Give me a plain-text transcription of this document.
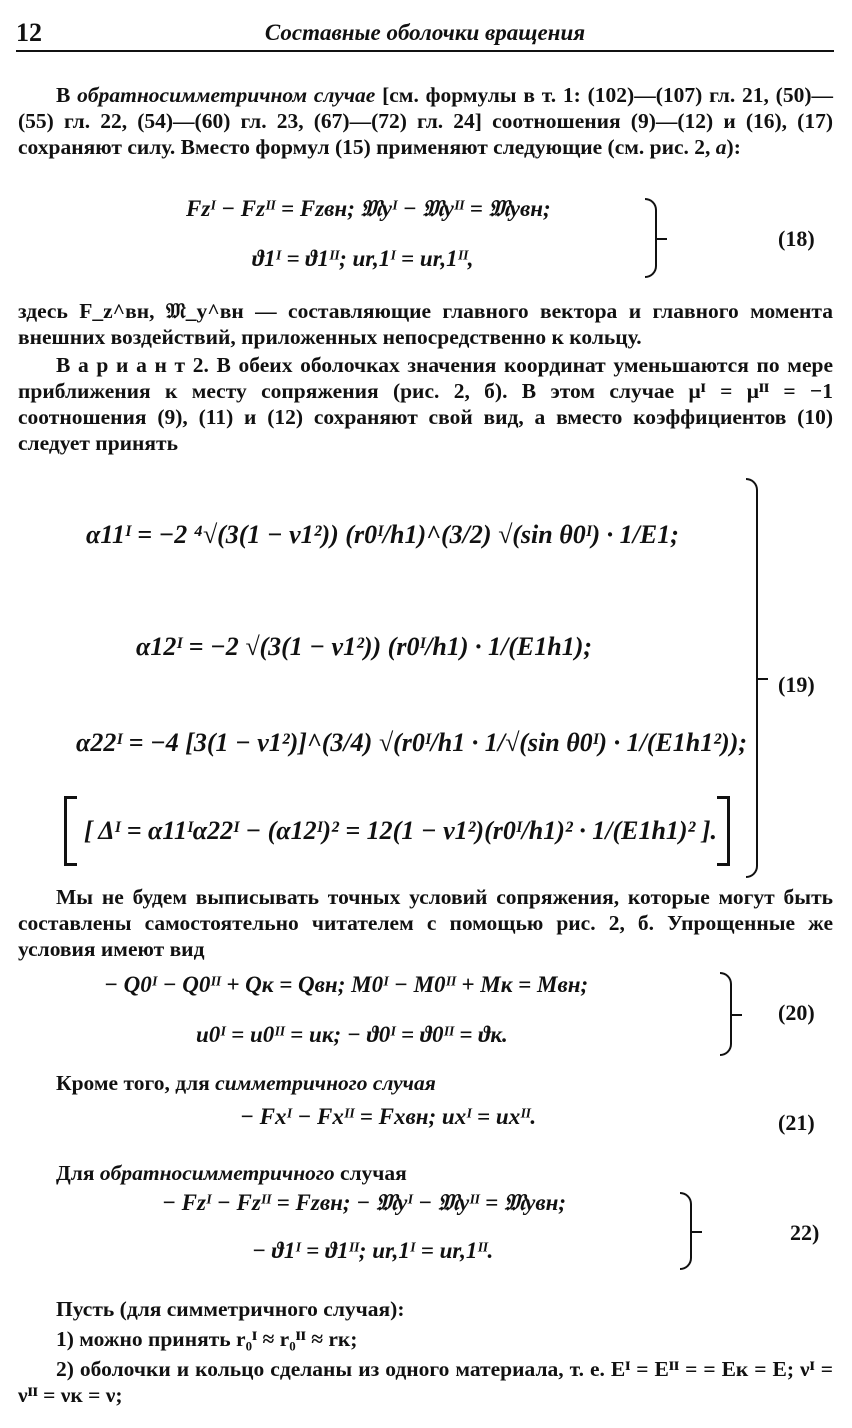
12	Составные оболочки вращения
В обратносимметричном случае [см. формулы в т. 1: (102)—(107) гл. 21, (50)—(55) гл. 22, (54)—(60) гл. 23, (67)—(72) гл. 24] соотношения (9)—(12) и (16), (17) сохраняют силу. Вместо формул (15) применяют следующие (см. рис. 2, а):
Fzᴵ − Fzᴵᴵ = Fzвн; 𝔐yᴵ − 𝔐yᴵᴵ = 𝔐yвн;
ϑ1ᴵ = ϑ1ᴵᴵ; ur,1ᴵ = ur,1ᴵᴵ,
(18)
здесь F_z^вн, 𝔐_y^вн — составляющие главного вектора и главного момента внешних воздействий, приложенных непосредственно к кольцу.
В а р и а н т 2. В обеих оболочках значения координат уменьшаются по мере приближения к месту сопряжения (рис. 2, б). В этом случае μᴵ = μᴵᴵ = −1 соотношения (9), (11) и (12) сохраняют свой вид, а вместо коэффициентов (10) следует принять
α11ᴵ = −2 ⁴√(3(1 − ν1²)) (r0ᴵ/h1)^(3/2) √(sin θ0ᴵ) · 1/E1;
α12ᴵ = −2 √(3(1 − ν1²)) (r0ᴵ/h1) · 1/(E1h1);
α22ᴵ = −4 [3(1 − ν1²)]^(3/4) √(r0ᴵ/h1 · 1/√(sin θ0ᴵ) · 1/(E1h1²));
[ Δᴵ = α11ᴵα22ᴵ − (α12ᴵ)² = 12(1 − ν1²)(r0ᴵ/h1)² · 1/(E1h1)² ].
(19)
Мы не будем выписывать точных условий сопряжения, которые могут быть составлены самостоятельно читателем с помощью рис. 2, б. Упрощенные же условия имеют вид
− Q0ᴵ − Q0ᴵᴵ + Qк = Qвн; M0ᴵ − M0ᴵᴵ + Mк = Mвн;
u0ᴵ = u0ᴵᴵ = uк; − ϑ0ᴵ = ϑ0ᴵᴵ = ϑк.
(20)
Кроме того, для симметричного случая
− Fxᴵ − Fxᴵᴵ = Fxвн; uxᴵ = uxᴵᴵ.	(21)
Для обратносимметричного случая
− Fzᴵ − Fzᴵᴵ = Fzвн; − 𝔐yᴵ − 𝔐yᴵᴵ = 𝔐yвн;
− ϑ1ᴵ = ϑ1ᴵᴵ; ur,1ᴵ = ur,1ᴵᴵ.
22)
Пусть (для симметричного случая):
1) можно принять r₀ᴵ ≈ r₀ᴵᴵ ≈ rк;
2) оболочки и кольцо сделаны из одного материала, т. е. Eᴵ = Eᴵᴵ = = Eк = E; νᴵ = νᴵᴵ = νк = ν;
